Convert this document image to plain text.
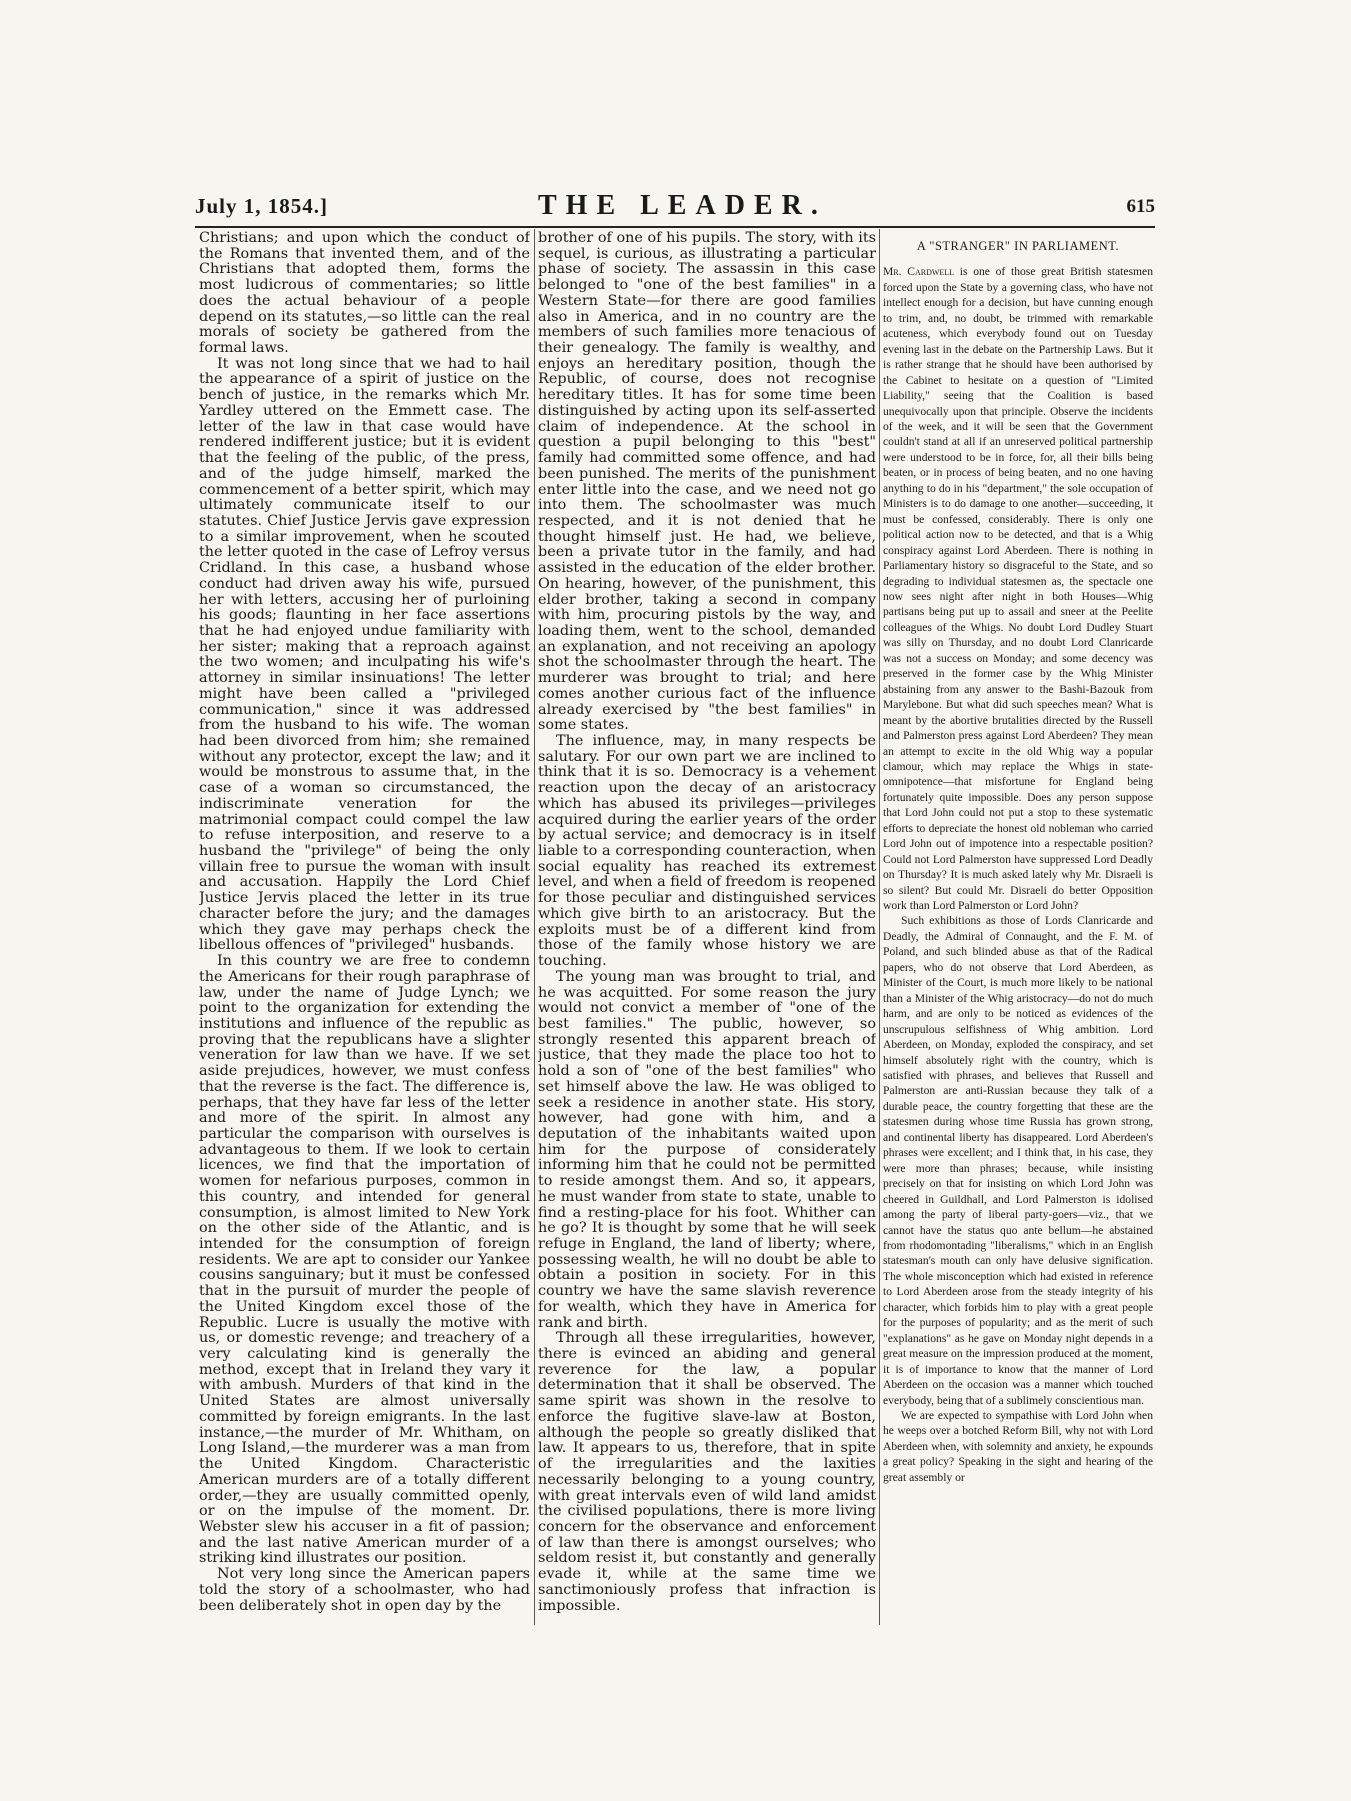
July 1, 1854.]	THE LEADER.	615

Christians; and upon which the conduct of the Romans that invented them, and of the Christians that adopted them, forms the most ludicrous of commentaries; so little does the actual behaviour of a people depend on its statutes,—so little can the real morals of society be gathered from the formal laws.

It was not long since that we had to hail the appearance of a spirit of justice on the bench of justice, in the remarks which Mr. Yardley uttered on the Emmett case. The letter of the law in that case would have rendered indifferent justice; but it is evident that the feeling of the public, of the press, and of the judge himself, marked the commencement of a better spirit, which may ultimately communicate itself to our statutes. Chief Justice Jervis gave expression to a similar improvement, when he scouted the letter quoted in the case of Lefroy versus Cridland. In this case, a husband whose conduct had driven away his wife, pursued her with letters, accusing her of purloining his goods; flaunting in her face assertions that he had enjoyed undue familiarity with her sister; making that a reproach against the two women; and inculpating his wife's attorney in similar insinuations! The letter might have been called a "privileged communication," since it was addressed from the husband to his wife. The woman had been divorced from him; she remained without any protector, except the law; and it would be monstrous to assume that, in the case of a woman so circumstanced, the indiscriminate veneration for the matrimonial compact could compel the law to refuse interposition, and reserve to a husband the "privilege" of being the only villain free to pursue the woman with insult and accusation. Happily the Lord Chief Justice Jervis placed the letter in its true character before the jury; and the damages which they gave may perhaps check the libellous offences of "privileged" husbands.

In this country we are free to condemn the Americans for their rough paraphrase of law, under the name of Judge Lynch; we point to the organization for extending the institutions and influence of the republic as proving that the republicans have a slighter veneration for law than we have. If we set aside prejudices, however, we must confess that the reverse is the fact. The difference is, perhaps, that they have far less of the letter and more of the spirit. In almost any particular the comparison with ourselves is advantageous to them. If we look to certain licences, we find that the importation of women for nefarious purposes, common in this country, and intended for general consumption, is almost limited to New York on the other side of the Atlantic, and is intended for the consumption of foreign residents. We are apt to consider our Yankee cousins sanguinary; but it must be confessed that in the pursuit of murder the people of the United Kingdom excel those of the Republic. Lucre is usually the motive with us, or domestic revenge; and treachery of a very calculating kind is generally the method, except that in Ireland they vary it with ambush. Murders of that kind in the United States are almost universally committed by foreign emigrants. In the last instance,—the murder of Mr. Whitham, on Long Island,—the murderer was a man from the United Kingdom. Characteristic American murders are of a totally different order,—they are usually committed openly, or on the impulse of the moment. Dr. Webster slew his accuser in a fit of passion; and the last native American murder of a striking kind illustrates our position.

Not very long since the American papers told the story of a schoolmaster, who had been deliberately shot in open day by the

brother of one of his pupils. The story, with its sequel, is curious, as illustrating a particular phase of society. The assassin in this case belonged to "one of the best families" in a Western State—for there are good families also in America, and in no country are the members of such families more tenacious of their genealogy. The family is wealthy, and enjoys an hereditary position, though the Republic, of course, does not recognise hereditary titles. It has for some time been distinguished by acting upon its self-asserted claim of independence. At the school in question a pupil belonging to this "best" family had committed some offence, and had been punished. The merits of the punishment enter little into the case, and we need not go into them. The schoolmaster was much respected, and it is not denied that he thought himself just. He had, we believe, been a private tutor in the family, and had assisted in the education of the elder brother. On hearing, however, of the punishment, this elder brother, taking a second in company with him, procuring pistols by the way, and loading them, went to the school, demanded an explanation, and not receiving an apology shot the schoolmaster through the heart. The murderer was brought to trial; and here comes another curious fact of the influence already exercised by "the best families" in some states.

The influence, may, in many respects be salutary. For our own part we are inclined to think that it is so. Democracy is a vehement reaction upon the decay of an aristocracy which has abused its privileges—privileges acquired during the earlier years of the order by actual service; and democracy is in itself liable to a corresponding counteraction, when social equality has reached its extremest level, and when a field of freedom is reopened for those peculiar and distinguished services which give birth to an aristocracy. But the exploits must be of a different kind from those of the family whose history we are touching.

The young man was brought to trial, and he was acquitted. For some reason the jury would not convict a member of "one of the best families." The public, however, so strongly resented this apparent breach of justice, that they made the place too hot to hold a son of "one of the best families" who set himself above the law. He was obliged to seek a residence in another state. His story, however, had gone with him, and a deputation of the inhabitants waited upon him for the purpose of considerately informing him that he could not be permitted to reside amongst them. And so, it appears, he must wander from state to state, unable to find a resting-place for his foot. Whither can he go? It is thought by some that he will seek refuge in England, the land of liberty; where, possessing wealth, he will no doubt be able to obtain a position in society. For in this country we have the same slavish reverence for wealth, which they have in America for rank and birth.

Through all these irregularities, however, there is evinced an abiding and general reverence for the law, a popular determination that it shall be observed. The same spirit was shown in the resolve to enforce the fugitive slave-law at Boston, although the people so greatly disliked that law. It appears to us, therefore, that in spite of the irregularities and the laxities necessarily belonging to a young country, with great intervals even of wild land amidst the civilised populations, there is more living concern for the observance and enforcement of law than there is amongst ourselves; who seldom resist it, but constantly and generally evade it, while at the same time we sanctimoniously profess that infraction is impossible.

A "STRANGER" IN PARLIAMENT.

Mr. Cardwell is one of those great British statesmen forced upon the State by a governing class, who have not intellect enough for a decision, but have cunning enough to trim, and, no doubt, be trimmed with remarkable acuteness, which everybody found out on Tuesday evening last in the debate on the Partnership Laws. But it is rather strange that he should have been authorised by the Cabinet to hesitate on a question of "Limited Liability," seeing that the Coalition is based unequivocally upon that principle. Observe the incidents of the week, and it will be seen that the Government couldn't stand at all if an unreserved political partnership were understood to be in force, for, all their bills being beaten, or in process of being beaten, and no one having anything to do in his "department," the sole occupation of Ministers is to do damage to one another—succeeding, it must be confessed, considerably. There is only one political action now to be detected, and that is a Whig conspiracy against Lord Aberdeen. There is nothing in Parliamentary history so disgraceful to the State, and so degrading to individual statesmen as, the spectacle one now sees night after night in both Houses—Whig partisans being put up to assail and sneer at the Peelite colleagues of the Whigs. No doubt Lord Dudley Stuart was silly on Thursday, and no doubt Lord Clanricarde was not a success on Monday; and some decency was preserved in the former case by the Whig Minister abstaining from any answer to the Bashi-Bazouk from Marylebone. But what did such speeches mean? What is meant by the abortive brutalities directed by the Russell and Palmerston press against Lord Aberdeen? They mean an attempt to excite in the old Whig way a popular clamour, which may replace the Whigs in state-omnipotence—that misfortune for England being fortunately quite impossible. Does any person suppose that Lord John could not put a stop to these systematic efforts to depreciate the honest old nobleman who carried Lord John out of impotence into a respectable position? Could not Lord Palmerston have suppressed Lord Deadly on Thursday? It is much asked lately why Mr. Disraeli is so silent? But could Mr. Disraeli do better Opposition work than Lord Palmerston or Lord John?

Such exhibitions as those of Lords Clanricarde and Deadly, the Admiral of Connaught, and the F. M. of Poland, and such blinded abuse as that of the Radical papers, who do not observe that Lord Aberdeen, as Minister of the Court, is much more likely to be national than a Minister of the Whig aristocracy—do not do much harm, and are only to be noticed as evidences of the unscrupulous selfishness of Whig ambition. Lord Aberdeen, on Monday, exploded the conspiracy, and set himself absolutely right with the country, which is satisfied with phrases, and believes that Russell and Palmerston are anti-Russian because they talk of a durable peace, the country forgetting that these are the statesmen during whose time Russia has grown strong, and continental liberty has disappeared. Lord Aberdeen's phrases were excellent; and I think that, in his case, they were more than phrases; because, while insisting precisely on that for insisting on which Lord John was cheered in Guildhall, and Lord Palmerston is idolised among the party of liberal party-goers—viz., that we cannot have the status quo ante bellum—he abstained from rhodomontading "liberalisms," which in an English statesman's mouth can only have delusive signification. The whole misconception which had existed in reference to Lord Aberdeen arose from the steady integrity of his character, which forbids him to play with a great people for the purposes of popularity; and as the merit of such "explanations" as he gave on Monday night depends in a great measure on the impression produced at the moment, it is of importance to know that the manner of Lord Aberdeen on the occasion was a manner which touched everybody, being that of a sublimely conscientious man.

We are expected to sympathise with Lord John when he weeps over a botched Reform Bill, why not with Lord Aberdeen when, with solemnity and anxiety, he expounds a great policy? Speaking in the sight and hearing of the great assembly or
